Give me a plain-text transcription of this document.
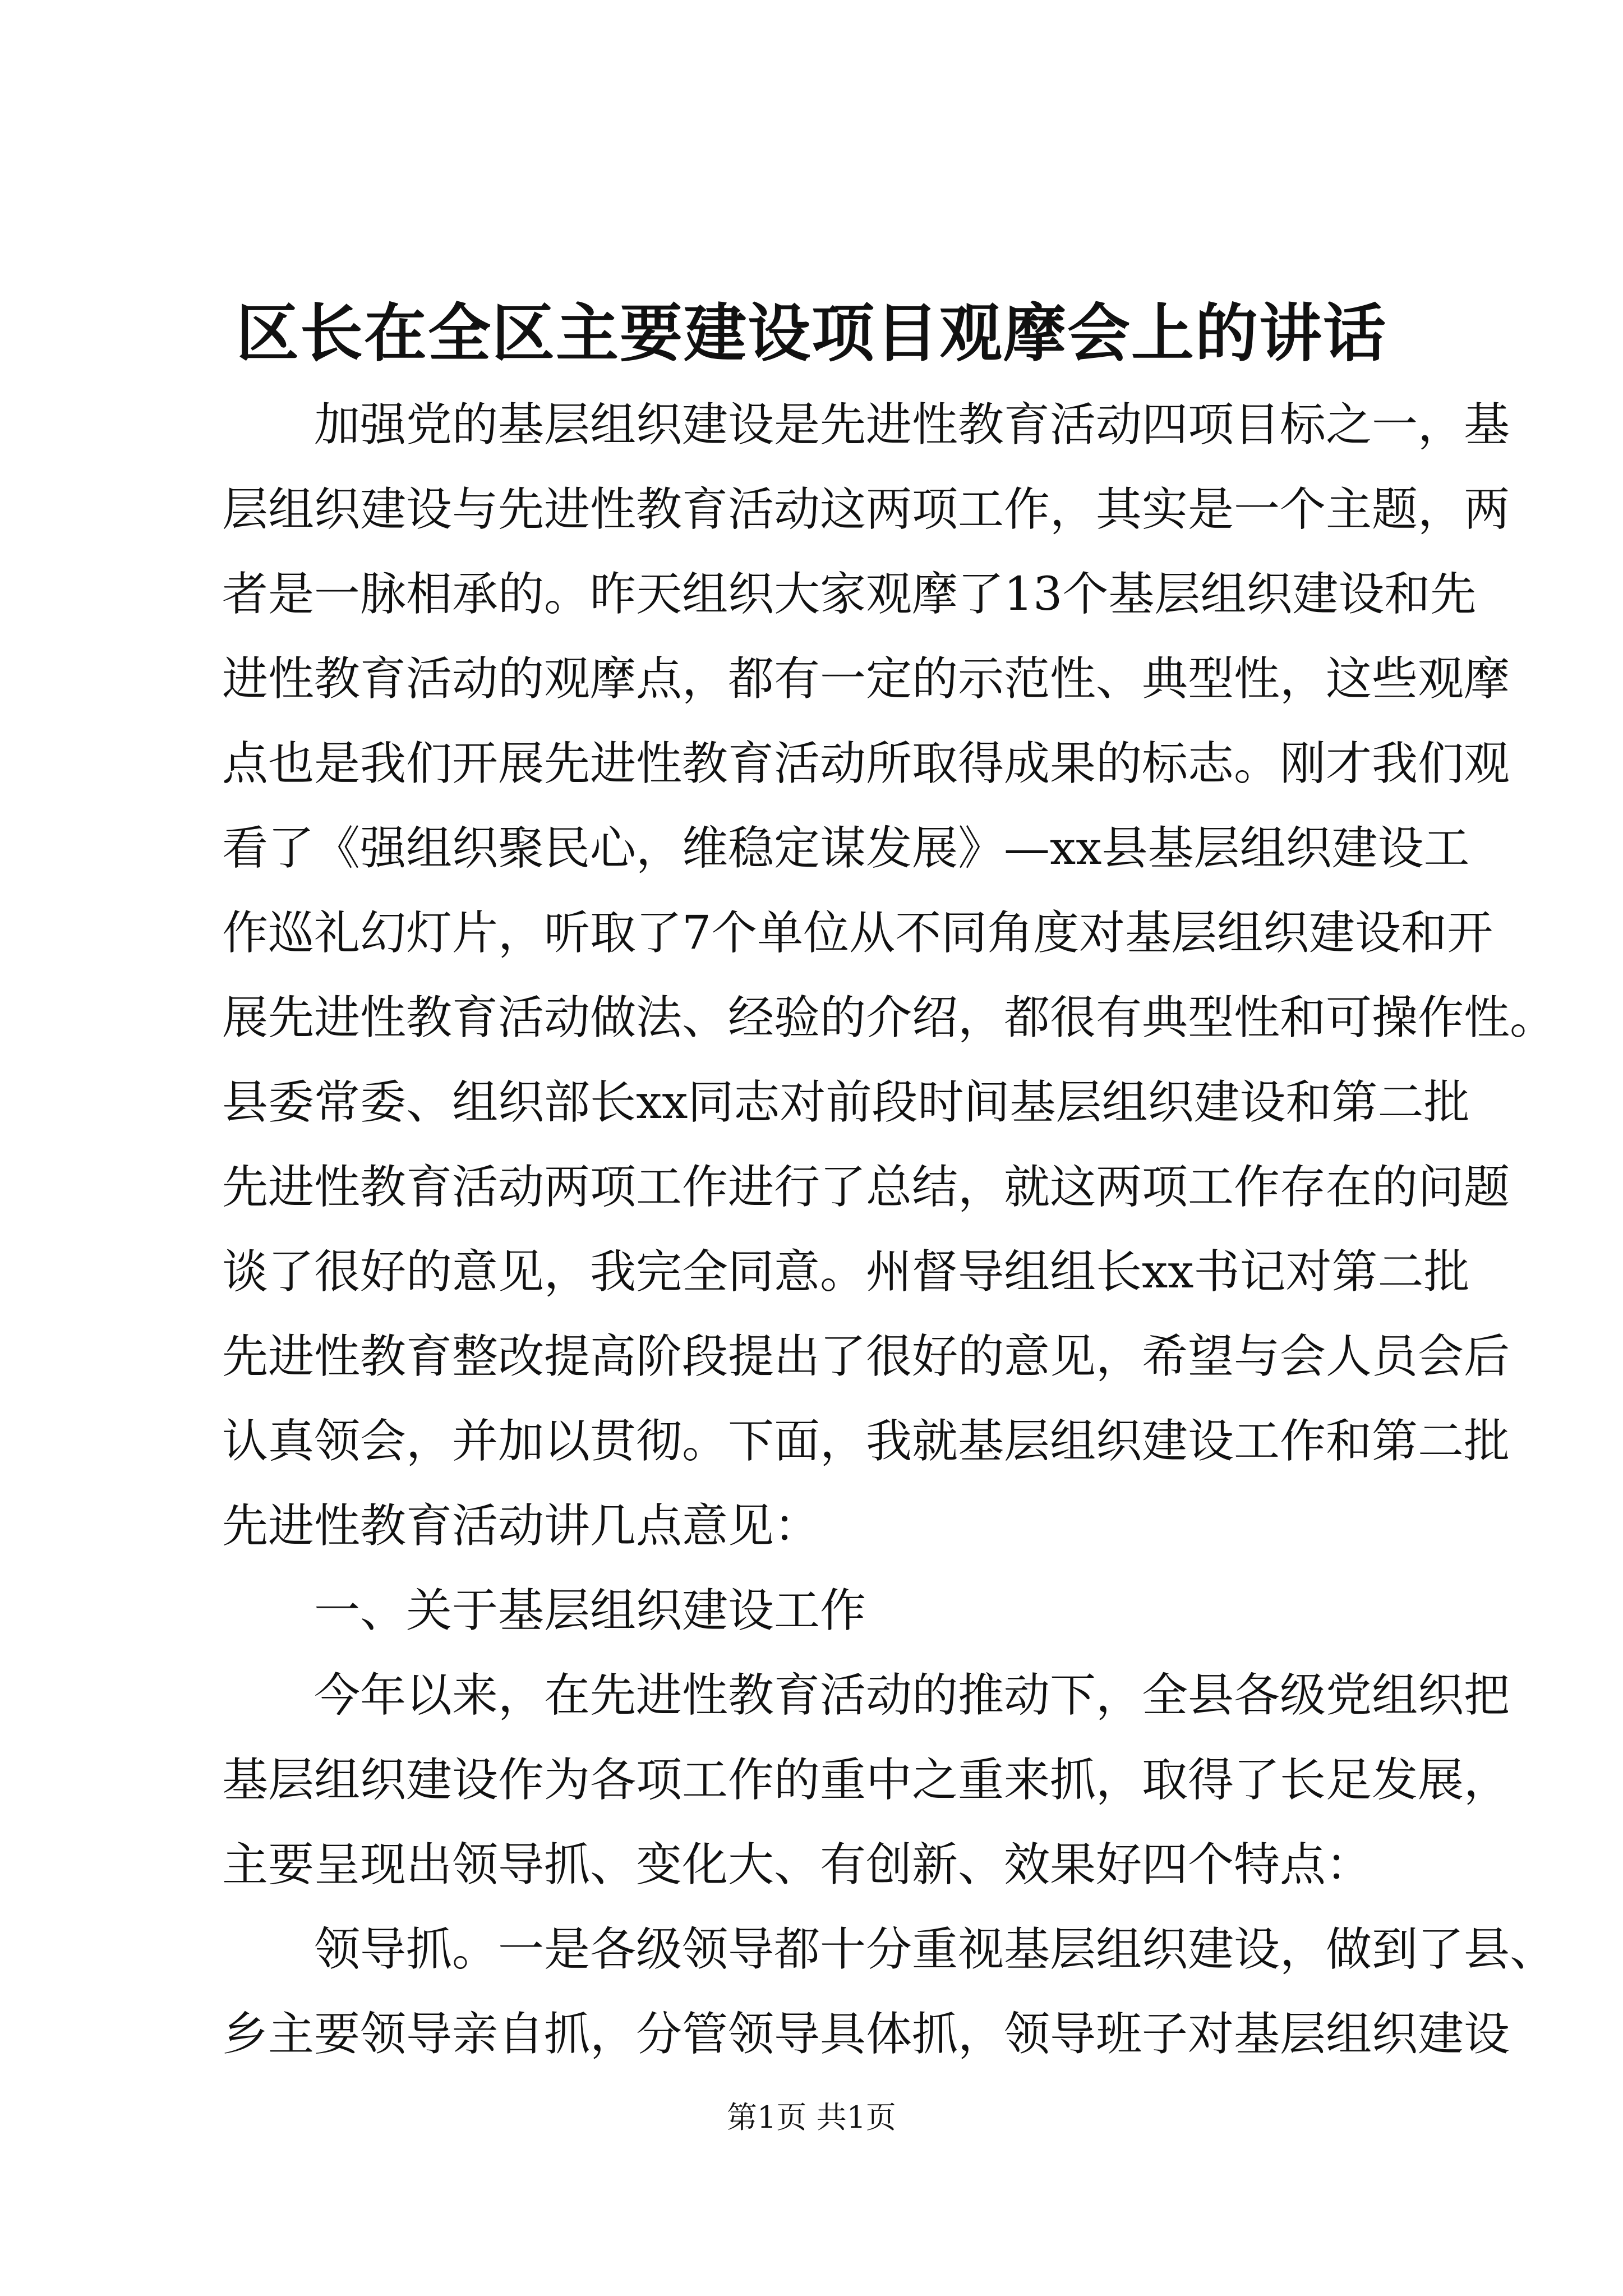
区长在全区主要建设项目观摩会上的讲话
加强党的基层组织建设是先进性教育活动四项目标之一，基
层组织建设与先进性教育活动这两项工作，其实是一个主题，两
者是一脉相承的。昨天组织大家观摩了13个基层组织建设和先
进性教育活动的观摩点，都有一定的示范性、典型性，这些观摩
点也是我们开展先进性教育活动所取得成果的标志。刚才我们观
看了《强组织聚民心，维稳定谋发展》—xx县基层组织建设工
作巡礼幻灯片，听取了7个单位从不同角度对基层组织建设和开
展先进性教育活动做法、经验的介绍，都很有典型性和可操作性。
县委常委、组织部长xx同志对前段时间基层组织建设和第二批
先进性教育活动两项工作进行了总结，就这两项工作存在的问题
谈了很好的意见，我完全同意。州督导组组长xx书记对第二批
先进性教育整改提高阶段提出了很好的意见，希望与会人员会后
认真领会，并加以贯彻。下面，我就基层组织建设工作和第二批
先进性教育活动讲几点意见：
一、关于基层组织建设工作
今年以来，在先进性教育活动的推动下，全县各级党组织把
基层组织建设作为各项工作的重中之重来抓，取得了长足发展，
主要呈现出领导抓、变化大、有创新、效果好四个特点：
领导抓。一是各级领导都十分重视基层组织建设，做到了县、
乡主要领导亲自抓，分管领导具体抓，领导班子对基层组织建设
第1页 共1页
